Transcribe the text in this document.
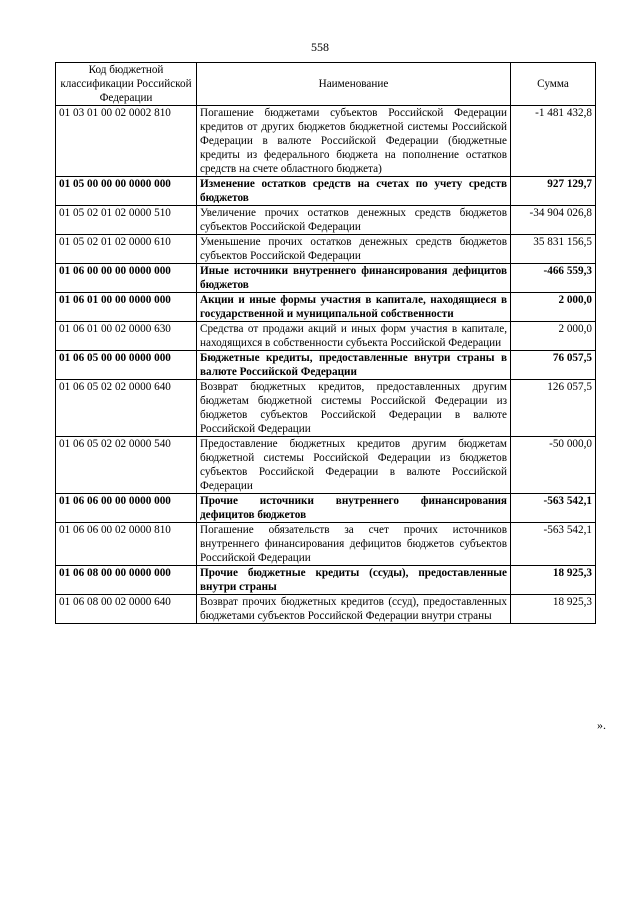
558
Код бюджетной классификации Российской Федерации	Наименование	Сумма
01 03 01 00 02 0002 810	Погашение бюджетами субъектов Российской Федерации кредитов от других бюджетов бюджетной системы Российской Федерации в валюте Российской Федерации (бюджетные кредиты из федерального бюджета на пополнение остатков средств на счете областного бюджета)	-1 481 432,8
01 05 00 00 00 0000 000	Изменение остатков средств на счетах по учету средств бюджетов	927 129,7
01 05 02 01 02 0000 510	Увеличение прочих остатков денежных средств бюджетов субъектов Российской Федерации	-34 904 026,8
01 05 02 01 02 0000 610	Уменьшение прочих остатков денежных средств бюджетов субъектов Российской Федерации	35 831 156,5
01 06 00 00 00 0000 000	Иные источники внутреннего финансирования дефицитов бюджетов	-466 559,3
01 06 01 00 00 0000 000	Акции и иные формы участия в капитале, находящиеся в государственной и муниципальной собственности	2 000,0
01 06 01 00 02 0000 630	Средства от продажи акций и иных форм участия в капитале, находящихся в собственности субъекта Российской Федерации	2 000,0
01 06 05 00 00 0000 000	Бюджетные кредиты, предоставленные внутри страны в валюте Российской Федерации	76 057,5
01 06 05 02 02 0000 640	Возврат бюджетных кредитов, предоставленных другим бюджетам бюджетной системы Российской Федерации из бюджетов субъектов Российской Федерации в валюте Российской Федерации	126 057,5
01 06 05 02 02 0000 540	Предоставление бюджетных кредитов другим бюджетам бюджетной системы Российской Федерации из бюджетов субъектов Российской Федерации в валюте Российской Федерации	-50 000,0
01 06 06 00 00 0000 000	Прочие источники внутреннего финансирования дефицитов бюджетов	-563 542,1
01 06 06 00 02 0000 810	Погашение обязательств за счет прочих источников внутреннего финансирования дефицитов бюджетов субъектов Российской Федерации	-563 542,1
01 06 08 00 00 0000 000	Прочие бюджетные кредиты (ссуды), предоставленные внутри страны	18 925,3
01 06 08 00 02 0000 640	Возврат прочих бюджетных кредитов (ссуд), предоставленных бюджетами субъектов Российской Федерации внутри страны	18 925,3
».
